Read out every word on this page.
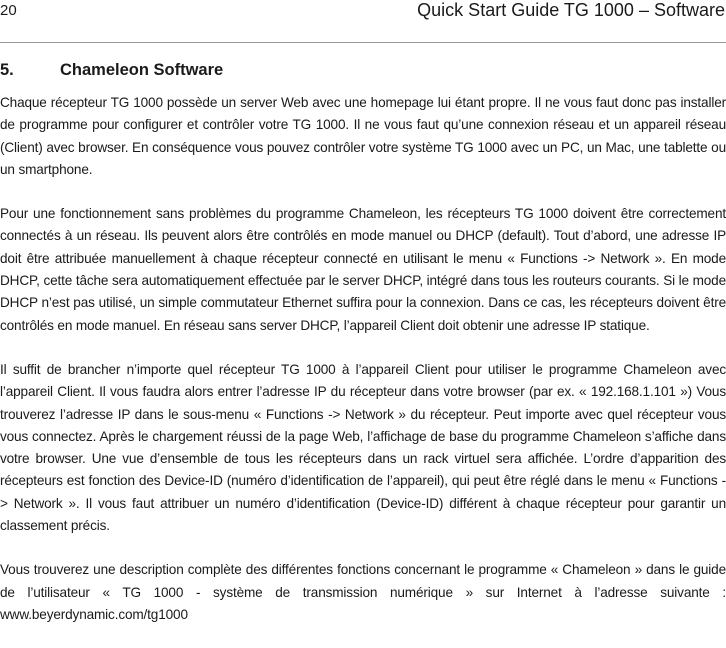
20	Quick Start Guide TG 1000 – Software
5.	Chameleon Software

Chaque récepteur TG 1000 possède un server Web avec une homepage lui étant propre. Il ne vous faut donc pas installer de programme pour configurer et contrôler votre TG 1000. Il ne vous faut qu’une connexion réseau et un appareil réseau (Client) avec browser. En conséquence vous pouvez contrôler votre système TG 1000 avec un PC, un Mac, une tablette ou un smartphone.

Pour une fonctionnement sans problèmes du programme Chameleon, les récepteurs TG 1000 doivent être correctement connectés à un réseau. Ils peuvent alors être contrôlés en mode manuel ou DHCP (default). Tout d’abord, une adresse IP doit être attribuée manuellement à chaque récepteur connecté en utilisant le menu « Functions -> Network ». En mode DHCP, cette tâche sera automatiquement effectuée par le server DHCP, intégré dans tous les routeurs courants. Si le mode DHCP n’est pas utilisé, un simple commutateur Ethernet suffira pour la connexion. Dans ce cas, les récepteurs doivent être contrôlés en mode manuel. En réseau sans server DHCP, l’appareil Client doit obtenir une adresse IP statique.

Il suffit de brancher n’importe quel récepteur TG 1000 à l’appareil Client pour utiliser le programme Chameleon avec l’appareil Client. Il vous faudra alors entrer l’adresse IP du récepteur dans votre browser (par ex. « 192.168.1.101 ») Vous trouverez l’adresse IP dans le sous-menu « Functions -> Network » du récepteur. Peut importe avec quel récepteur vous vous connectez. Après le chargement réussi de la page Web, l’affichage de base du programme Chameleon s’affiche dans votre browser. Une vue d’ensemble de tous les récepteurs dans un rack virtuel sera affichée. L’ordre d’apparition des récepteurs est fonction des Device-ID (numéro d’identification de l’appareil), qui peut être réglé dans le menu « Functions -> Network ». Il vous faut attribuer un numéro d’identification (Device-ID) différent à chaque récepteur pour garantir un classement précis.

Vous trouverez une description complète des différentes fonctions concernant le programme « Chameleon » dans le guide de l’utilisateur « TG 1000 - système de transmission numérique » sur Internet à l’adresse suivante : www.beyerdynamic.com/tg1000
